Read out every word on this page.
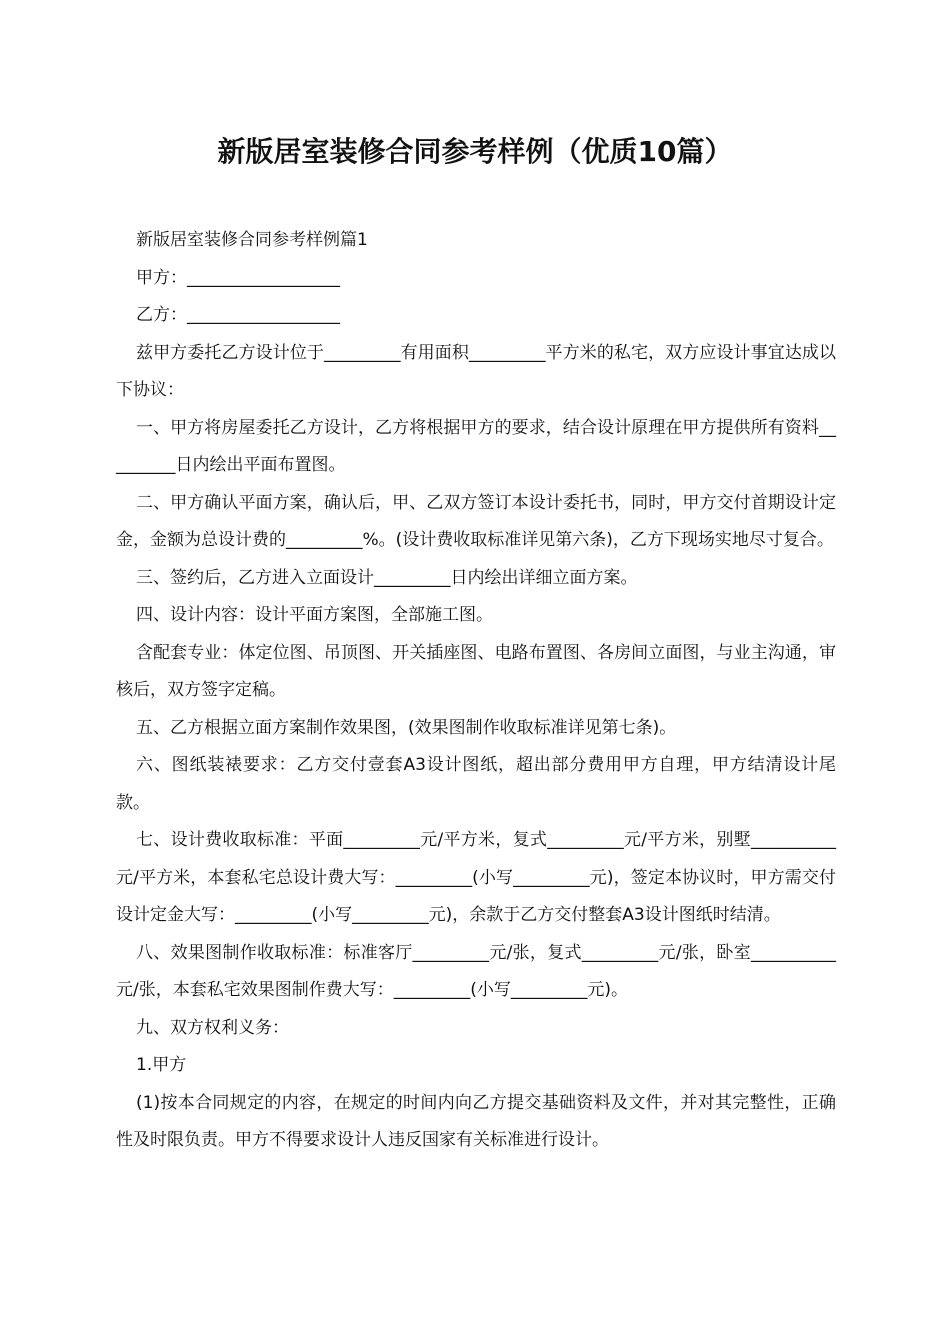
新版居室装修合同参考样例（优质10篇）

新版居室装修合同参考样例篇1

甲方：__________________

乙方：__________________

兹甲方委托乙方设计位于_________有用面积_________平方米的私宅，双方应设计事宜达成以下协议：

一、甲方将房屋委托乙方设计，乙方将根据甲方的要求，结合设计原理在甲方提供所有资料_________日内绘出平面布置图。

二、甲方确认平面方案，确认后，甲、乙双方签订本设计委托书，同时，甲方交付首期设计定金，金额为总设计费的_________%。(设计费收取标准详见第六条)，乙方下现场实地尽寸复合。

三、签约后，乙方进入立面设计_________日内绘出详细立面方案。

四、设计内容：设计平面方案图，全部施工图。

含配套专业：体定位图、吊顶图、开关插座图、电路布置图、各房间立面图，与业主沟通，审核后，双方签字定稿。

五、乙方根据立面方案制作效果图，(效果图制作收取标准详见第七条)。

六、图纸装裱要求：乙方交付壹套A3设计图纸，超出部分费用甲方自理，甲方结清设计尾款。

七、设计费收取标准：平面_________元/平方米，复式_________元/平方米，别墅__________元/平方米，本套私宅总设计费大写：_________(小写_________元)，签定本协议时，甲方需交付设计定金大写：_________(小写_________元)，余款于乙方交付整套A3设计图纸时结清。

八、效果图制作收取标准：标准客厅_________元/张，复式_________元/张，卧室__________元/张，本套私宅效果图制作费大写：_________(小写_________元)。

九、双方权利义务：

1.甲方

(1)按本合同规定的内容，在规定的时间内向乙方提交基础资料及文件，并对其完整性，正确性及时限负责。甲方不得要求设计人违反国家有关标准进行设计。
